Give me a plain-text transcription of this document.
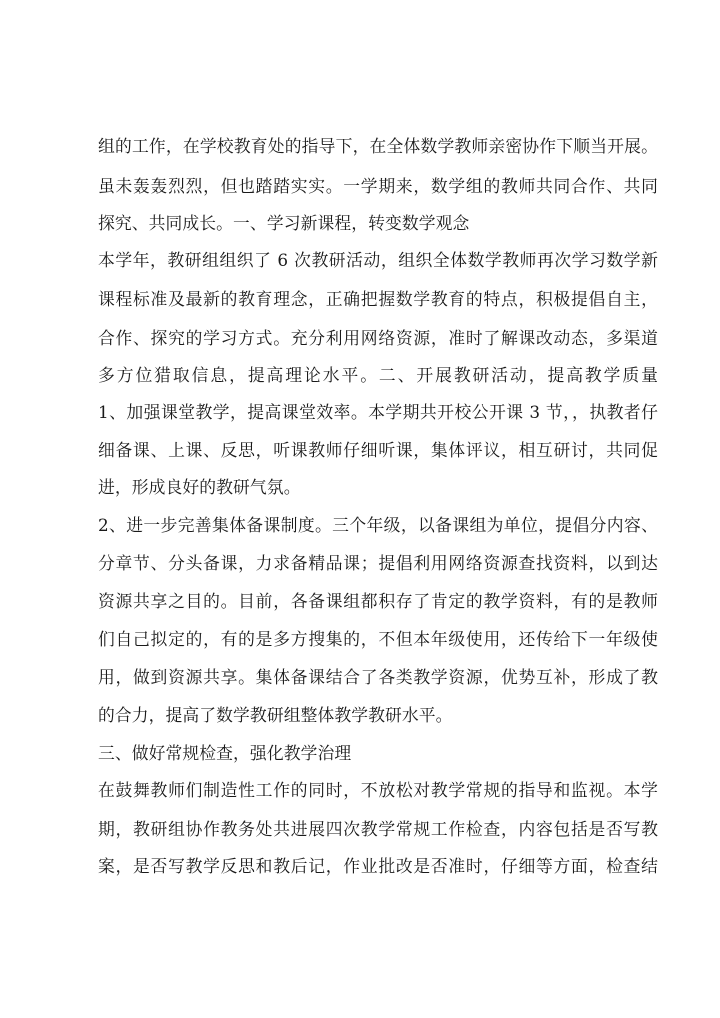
组的工作，在学校教育处的指导下，在全体数学教师亲密协作下顺当开展。
虽未轰轰烈烈，但也踏踏实实。一学期来，数学组的教师共同合作、共同
探究、共同成长。一、学习新课程，转变数学观念
本学年，教研组组织了 6 次教研活动，组织全体数学教师再次学习数学新
课程标准及最新的教育理念，正确把握数学教育的特点，积极提倡自主，
合作、探究的学习方式。充分利用网络资源，准时了解课改动态，多渠道
多方位猎取信息，提高理论水平。二、开展教研活动，提高教学质量
1、加强课堂教学，提高课堂效率。本学期共开校公开课 3 节，，执教者仔
细备课、上课、反思，听课教师仔细听课，集体评议，相互研讨，共同促
进，形成良好的教研气氛。
2、进一步完善集体备课制度。三个年级，以备课组为单位，提倡分内容、
分章节、分头备课，力求备精品课；提倡利用网络资源查找资料，以到达
资源共享之目的。目前，各备课组都积存了肯定的教学资料，有的是教师
们自己拟定的，有的是多方搜集的，不但本年级使用，还传给下一年级使
用，做到资源共享。集体备课结合了各类教学资源，优势互补，形成了教
的合力，提高了数学教研组整体教学教研水平。
三、做好常规检查，强化教学治理
在鼓舞教师们制造性工作的同时，不放松对教学常规的指导和监视。本学
期，教研组协作教务处共进展四次教学常规工作检查，内容包括是否写教
案，是否写教学反思和教后记，作业批改是否准时，仔细等方面，检查结
